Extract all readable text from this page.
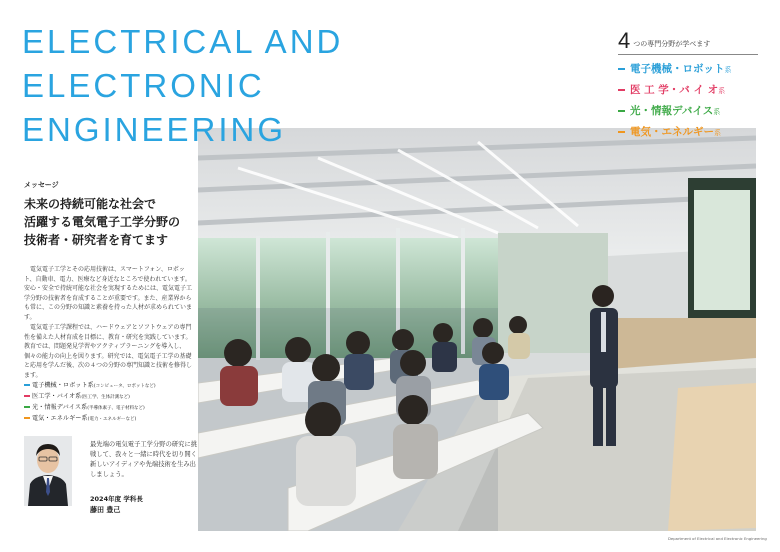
ELECTRICAL AND
ELECTRONIC
ENGINEERING
4 つの専門分野が学べます
電子機械・ロボット系
医 工 学・バ イ オ系
光・情報デバイス系
電気・エネルギー系
メッセージ
未来の持続可能な社会で
活躍する電気電子工学分野の
技術者・研究者を育てます

電気電子工学とその応用技術は、スマートフォン、ロボット、自動車、電力、医療など身近なところで使われています。安心・安全で持続可能な社会を実現するためには、電気電子工学分野の技術者を育成することが重要です。また、産業界からも常に、この分野の知識と素養を持った人材が求められています。

電気電子工学課程では、ハードウェアとソフトウェアの専門性を備えた人材育成を目標に、教育・研究を実践しています。教育では、問題発見学習やアクティブラーニングを導入し、個々の能力の向上を図ります。研究では、電気電子工学の基礎と応用を学んだ後、次の４つの分野の専門知識と技術を修得します。

電子機械・ロボット系(コンピュータ、ロボットなど)
医工学・バイオ系(医工学、生体計測など)
光・情報デバイス系(半導体素子、電子材料など)
電気・エネルギー系(電力・エネルギーなど)

最先端の電気電子工学分野の研究に挑戦して、我々と一緒に時代を切り開く新しいアイディアや先端技術を生み出しましょう。

2024年度 学科長
藤田 豊己
Department of Electrical and Electronic Engineering
